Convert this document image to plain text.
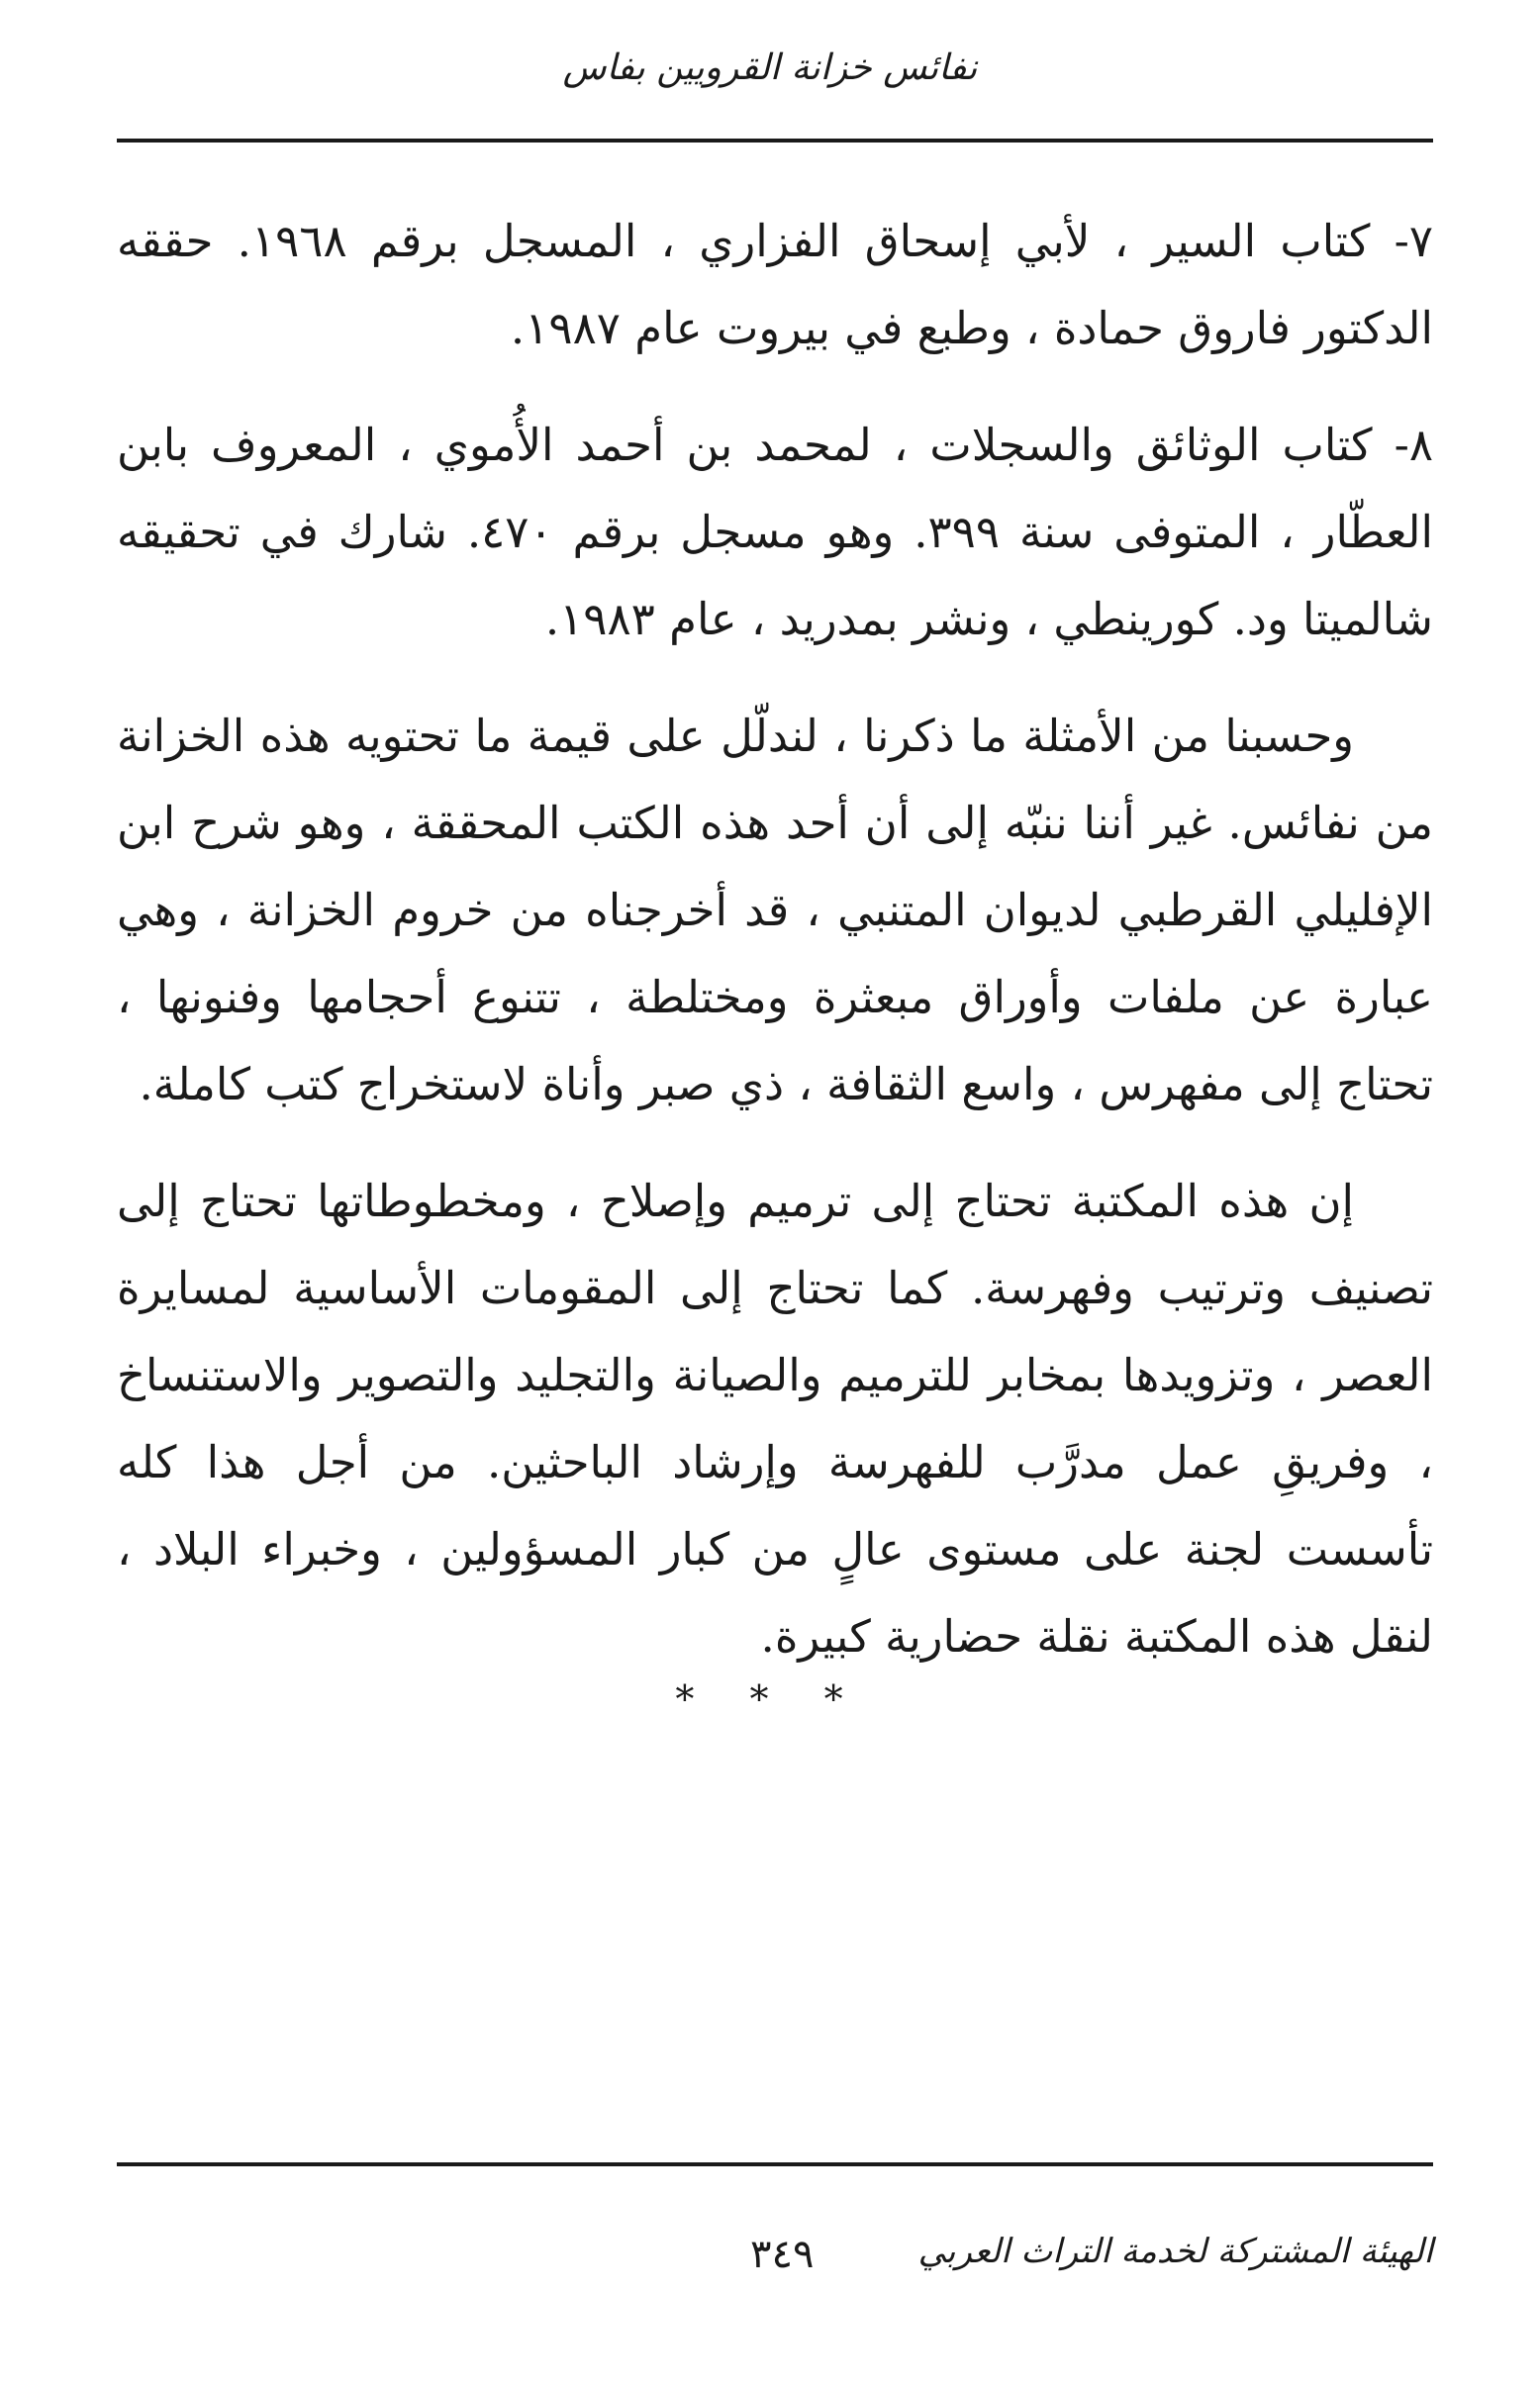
نفائس خزانة القرويين بفاس

٧- كتاب السير ، لأبي إسحاق الفزاري ، المسجل برقم ١٩٦٨. حققه الدكتور فاروق حمادة ، وطبع في بيروت عام ١٩٨٧.

٨- كتاب الوثائق والسجلات ، لمحمد بن أحمد الأُموي ، المعروف بابن العطّار ، المتوفى سنة ٣٩٩. وهو مسجل برقم ٤٧٠. شارك في تحقيقه شالميتا ود. كورينطي ، ونشر بمدريد ، عام ١٩٨٣.

وحسبنا من الأمثلة ما ذكرنا ، لندلّل على قيمة ما تحتويه هذه الخزانة من نفائس. غير أننا ننبّه إلى أن أحد هذه الكتب المحققة ، وهو شرح ابن الإفليلي القرطبي لديوان المتنبي ، قد أخرجناه من خروم الخزانة ، وهي عبارة عن ملفات وأوراق مبعثرة ومختلطة ، تتنوع أحجامها وفنونها ، تحتاج إلى مفهرس ، واسع الثقافة ، ذي صبر وأناة لاستخراج كتب كاملة.

إن هذه المكتبة تحتاج إلى ترميم وإصلاح ، ومخطوطاتها تحتاج إلى تصنيف وترتيب وفهرسة. كما تحتاج إلى المقومات الأساسية لمسايرة العصر ، وتزويدها بمخابر للترميم والصيانة والتجليد والتصوير والاستنساخ ، وفريقِ عمل مدرَّب للفهرسة وإرشاد الباحثين. من أجل هذا كله تأسست لجنة على مستوى عالٍ من كبار المسؤولين ، وخبراء البلاد ، لنقل هذه المكتبة نقلة حضارية كبيرة.

* * *
الهيئة المشتركة لخدمة التراث العربي
٣٤٩
